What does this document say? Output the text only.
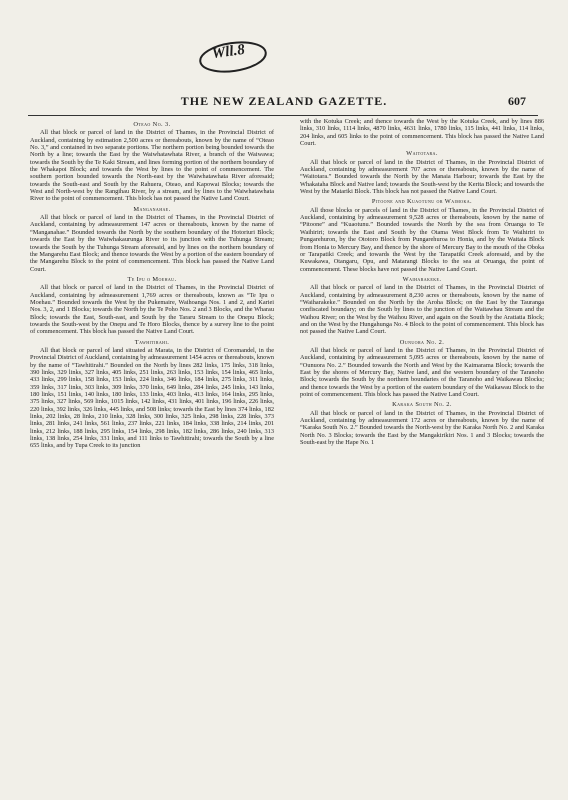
Wll.8
THE NEW ZEALAND GAZETTE.	607
Oteao No. 3.

All that block or parcel of land in the District of Thames, in the Provincial District of Auckland, containing by estimation 2,500 acres or thereabouts, known by the name of “Oteao No. 3,” and contained in two separate portions. The northern portion being bounded towards the North by a line; towards the East by the Waiwhatawhata River, a branch of the Waiwawa; towards the South by the Te Kaki Stream, and lines forming portion of the northern boundary of the Whakapoi Block; and towards the West by lines to the point of commencement. The southern portion bounded towards the North-east by the Waiwhatawhata River aforesaid; towards the South-east and South by the Rahuera, Oteao, and Kapowai Blocks; towards the West and North-west by the Rangihau River, by a stream, and by lines to the Waiwhatawhata River to the point of commencement. This block has not passed the Native Land Court.

Manganahae.

All that block or parcel of land in the District of Thames, in the Provincial District of Auckland, containing by admeasurement 147 acres or thereabouts, known by the name of “Manganahae.” Bounded towards the North by the southern boundary of the Hotoriuri Block; towards the East by the Waiwhakaurunga River to its junction with the Tuhunga Stream; towards the South by the Tuhunga Stream aforesaid, and by lines on the northern boundary of the Mangarehu East Block; and thence towards the West by a portion of the eastern boundary of the Mangarehu Block to the point of commencement. This block has passed the Native Land Court.

Te Ipu o Moehau.

All that block or parcel of land in the District of Thames, in the Provincial District of Auckland, containing by admeasurement 1,769 acres or thereabouts, known as “Te Ipu o Moehau.” Bounded towards the West by the Pukemaire, Waihoanga Nos. 1 and 2, and Kariei Nos. 3, 2, and 1 Blocks; towards the North by the Te Poho Nos. 2 and 3 Blocks, and the Wharau Block; towards the East, South-east, and South by the Tararu Stream to the Onepu Block; towards the South-west by the Onepu and Te Horo Blocks, thence by a survey line to the point of commencement. This block has passed the Native Land Court.

Tawhitirahi.

All that block or parcel of land situated at Marata, in the District of Coromandel, in the Provincial District of Auckland, containing by admeasurement 1454 acres or thereabouts, known by the name of “Tawhitirahi.” Bounded on the North by lines 282 links, 175 links, 318 links, 390 links, 329 links, 327 links, 405 links, 251 links, 263 links, 153 links, 154 links, 465 links, 433 links, 299 links, 158 links, 153 links, 224 links, 346 links, 184 links, 275 links, 311 links, 359 links, 317 links, 303 links, 309 links, 370 links, 649 links, 284 links, 245 links, 143 links, 180 links, 151 links, 140 links, 180 links, 133 links, 403 links, 413 links, 164 links, 295 links, 375 links, 327 links, 569 links, 1015 links, 142 links, 431 links, 401 links, 196 links, 226 links, 220 links, 392 links, 326 links, 445 links, and 508 links; towards the East by lines 374 links, 182 links, 202 links, 28 links, 210 links, 328 links, 300 links, 325 links, 298 links, 228 links, 373 links, 281 links, 241 links, 561 links, 237 links, 221 links, 184 links, 338 links, 214 links, 201 links, 212 links, 188 links, 295 links, 154 links, 298 links, 182 links, 286 links, 240 links, 313 links, 138 links, 254 links, 331 links, and 111 links to Tawhitirahi; towards the South by a line 655 links, and by Tupa Creek to its junction

with the Kotuka Creek; and thence towards the West by the Kotuka Creek, and by lines 886 links, 310 links, 1114 links, 4870 links, 4631 links, 1780 links, 115 links, 441 links, 114 links, 204 links, and 605 links to the point of commencement. This block has passed the Native Land Court.

Waitotara.

All that block or parcel of land in the District of Thames, in the Provincial District of Auckland, containing by admeasurement 707 acres or thereabouts, known by the name of “Waitotara.” Bounded towards the North by the Manaia Harbour; towards the East by the Whakataha Block and Native land; towards the South-west by the Kerita Block; and towards the West by the Matariki Block. This block has not passed the Native Land Court.

Pitoone and Kuaotunu or Waimoka.

All those blocks or parcels of land in the District of Thames, in the Provincial District of Auckland, containing by admeasurement 9,528 acres or thereabouts, known by the name of “Pitoone” and “Kuaotunu.” Bounded towards the North by the sea from Oruanga to Te Waihiriri; towards the East and South by the Otama West Block from Te Waihiriri to Pungarehuron, by the Ototoro Block from Pungarehuroa to Honia, and by the Waitaia Block from Honia to Mercury Bay, and thence by the shore of Mercury Bay to the mouth of the Oboka or Tarapatiki Creek; and towards the West by the Tarapatiki Creek aforesaid, and by the Kuwakawa, Otangaru, Opu, and Matarangi Blocks to the sea at Oruanga, the point of commencement. These blocks have not passed the Native Land Court.

Waiharakeke.

All that block or parcel of land in the District of Thames, in the Provincial District of Auckland, containing by admeasurement 8,230 acres or thereabouts, known by the name of “Waiharakeke.” Bounded on the North by the Aroha Block; on the East by the Tauranga confiscated boundary; on the South by lines to the junction of the Waitawhau Stream and the Waihou River; on the West by the Waihou River, and again on the South by the Aratiatia Block; and on the West by the Hungahunga No. 4 Block to the point of commencement. This block has not passed the Native Land Court.

Ounuora No. 2.

All that block or parcel of land in the District of Thames, in the Provincial District of Auckland, containing by admeasurement 5,095 acres or thereabouts, known by the name of “Ounuora No. 2.” Bounded towards the North and West by the Kaimarama Block; towards the East by the shores of Mercury Bay, Native land, and the western boundary of the Taranoho Block; towards the South by the northern boundaries of the Taranoho and Waikawau Blocks; and thence towards the West by a portion of the eastern boundary of the Waikawau Block to the point of commencement. This block has passed the Native Land Court.

Karaka South No. 2.

All that block or parcel of land in the District of Thames, in the Provincial District of Auckland, containing by admeasurement 172 acres or thereabouts, known by the name of “Karaka South No. 2.” Bounded towards the North-west by the Karaka North No. 2 and Karaka North No. 3 Blocks; towards the East by the Mangakirikiri Nos. 1 and 3 Blocks; towards the South-east by the Hape No. 1
